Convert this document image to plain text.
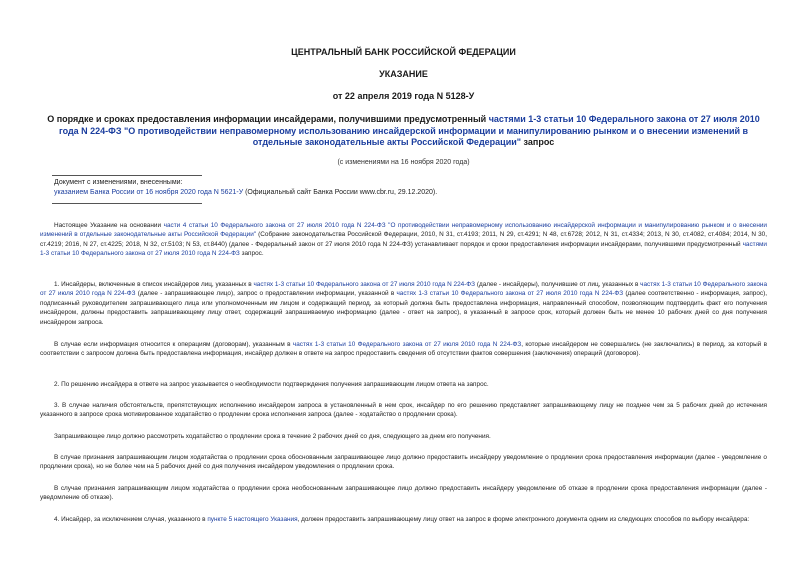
ЦЕНТРАЛЬНЫЙ БАНК РОССИЙСКОЙ ФЕДЕРАЦИИ
УКАЗАНИЕ
от 22 апреля 2019 года N 5128-У
О порядке и сроках предоставления информации инсайдерами, получившими предусмотренный частями 1-3 статьи 10 Федерального закона от 27 июля 2010 года N 224-ФЗ "О противодействии неправомерному использованию инсайдерской информации и манипулированию рынком и о внесении изменений в отдельные законодательные акты Российской Федерации" запрос
(с изменениями на 16 ноября 2020 года)
Документ с изменениями, внесенными:
указанием Банка России от 16 ноября 2020 года N 5621-У (Официальный сайт Банка России www.cbr.ru, 29.12.2020).
Настоящее Указание на основании части 4 статьи 10 Федерального закона от 27 июля 2010 года N 224-ФЗ "О противодействии неправомерному использованию инсайдерской информации и манипулированию рынком и о внесении изменений в отдельные законодательные акты Российской Федерации" (Собрание законодательства Российской Федерации, 2010, N 31, ст.4193; 2011, N 29, ст.4291; N 48, ст.6728; 2012, N 31, ст.4334; 2013, N 30, ст.4082, ст.4084; 2014, N 30, ст.4219; 2016, N 27, ст.4225; 2018, N 32, ст.5103; N 53, ст.8440) (далее - Федеральный закон от 27 июля 2010 года N 224-ФЗ) устанавливает порядок и сроки предоставления информации инсайдерами, получившими предусмотренный частями 1-3 статьи 10 Федерального закона от 27 июля 2010 года N 224-ФЗ запрос.
1. Инсайдеры, включенные в список инсайдеров лиц, указанных в частях 1-3 статьи 10 Федерального закона от 27 июля 2010 года N 224-ФЗ (далее - инсайдеры), получившие от лиц, указанных в частях 1-3 статьи 10 Федерального закона от 27 июля 2010 года N 224-ФЗ (далее - запрашивающее лицо), запрос о предоставлении информации, указанной в частях 1-3 статьи 10 Федерального закона от 27 июля 2010 года N 224-ФЗ (далее соответственно - информация, запрос), подписанный руководителем запрашивающего лица или уполномоченным им лицом и содержащий период, за который должна быть предоставлена информация, направленный способом, позволяющим подтвердить факт его получения инсайдером, должны предоставить запрашивающему лицу ответ, содержащий запрашиваемую информацию (далее - ответ на запрос), в указанный в запросе срок, который должен быть не менее 10 рабочих дней со дня получения инсайдером запроса.
В случае если информация относится к операциям (договорам), указанным в частях 1-3 статьи 10 Федерального закона от 27 июля 2010 года N 224-ФЗ, которые инсайдером не совершались (не заключались) в период, за который в соответствии с запросом должна быть предоставлена информация, инсайдер должен в ответе на запрос предоставить сведения об отсутствии фактов совершения (заключения) операций (договоров).
2. По решению инсайдера в ответе на запрос указывается о необходимости подтверждения получения запрашивающим лицом ответа на запрос.
3. В случае наличия обстоятельств, препятствующих исполнению инсайдером запроса в установленный в нем срок, инсайдер по его решению представляет запрашивающему лицу не позднее чем за 5 рабочих дней до истечения указанного в запросе срока мотивированное ходатайство о продлении срока исполнения запроса (далее - ходатайство о продлении срока).
Запрашивающее лицо должно рассмотреть ходатайство о продлении срока в течение 2 рабочих дней со дня, следующего за днем его получения.
В случае признания запрашивающим лицом ходатайства о продлении срока обоснованным запрашивающее лицо должно предоставить инсайдеру уведомление о продлении срока предоставления информации (далее - уведомление о продлении срока), но не более чем на 5 рабочих дней со дня получения инсайдером уведомления о продлении срока.
В случае признания запрашивающим лицом ходатайства о продлении срока необоснованным запрашивающее лицо должно предоставить инсайдеру уведомление об отказе в продлении срока предоставления информации (далее - уведомление об отказе).
4. Инсайдер, за исключением случая, указанного в пункте 5 настоящего Указания, должен предоставить запрашивающему лицу ответ на запрос в форме электронного документа одним из следующих способов по выбору инсайдера:
